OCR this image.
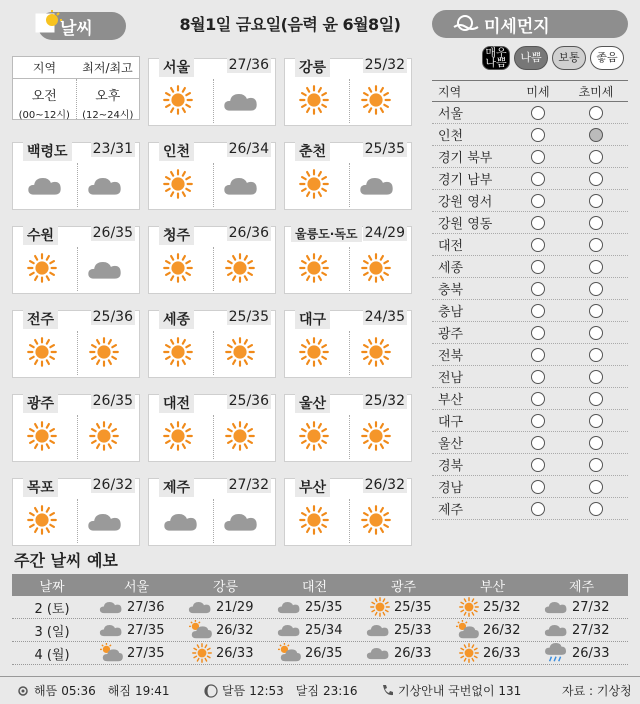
날씨	8월1일 금요일(음력 윤 6월8일)	미세먼지
매우 나쁨	나쁨	보통	좋음
지역	최저/최고
오전
(00~12시)
오후
(12~24시)
서울	27/36 강릉	25/32
백령도 23/31 인천	26/34 춘천	25/35
수원	26/35 청주	26/36	울릉도·독도 24/29
전주	25/36 세종	25/35 대구	24/35
광주	26/35 대전	25/36 울산	25/32
목포	26/32 제주	27/32 부산	26/32
지역	미세	초미세
서울
인천
경기 북부
경기 남부
강원 영서
강원 영동
대전
세종
충북
충남
광주
전북
전남
부산
대구
울산
경북
경남
제주
주간 날씨 예보
날짜	서울	강릉	대전	광주	부산	제주
2 (토)	27/36	21/29	25/35	25/35	25/32	27/32
3 (일)	27/35	26/32	25/34	25/33	26/32	27/32
4 (월)	27/35	26/33	26/35	26/33	26/33	26/33
해뜸 05:36 해짐 19:41	달뜸 12:53 달짐 23:16	기상안내 국번없이 131	자료 : 기상청
